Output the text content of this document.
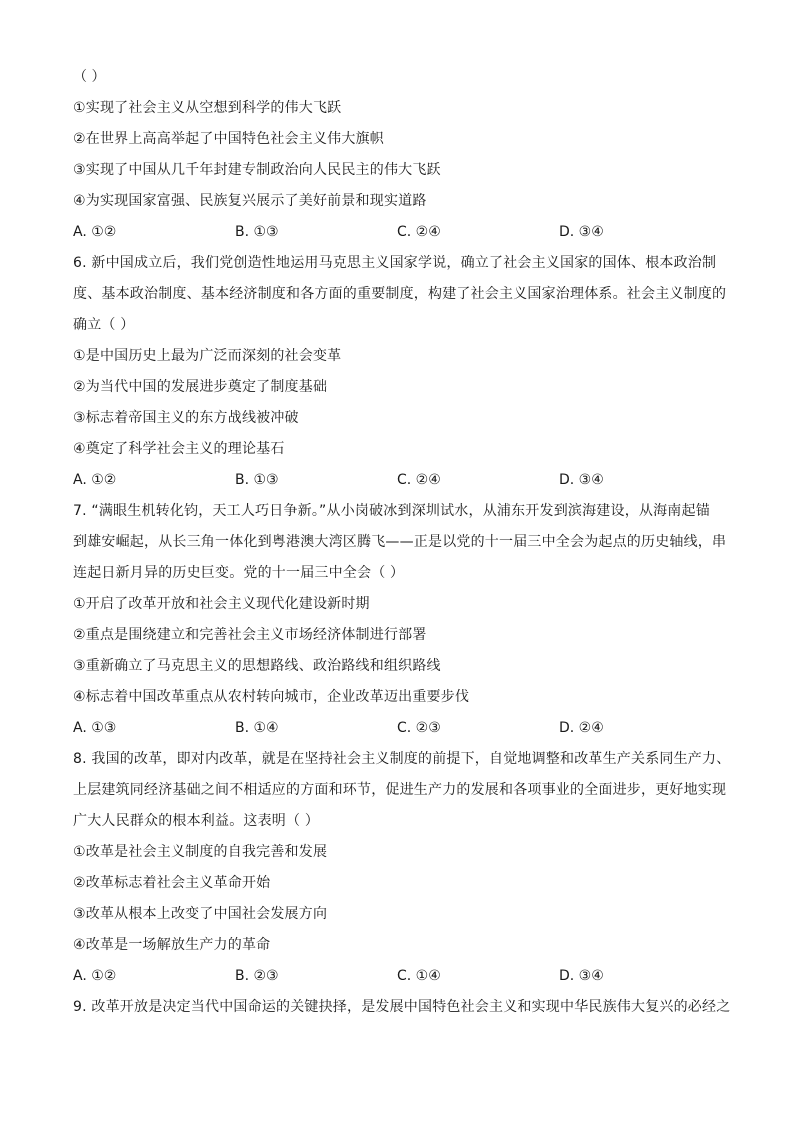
（ ）
①实现了社会主义从空想到科学的伟大飞跃
②在世界上高高举起了中国特色社会主义伟大旗帜
③实现了中国从几千年封建专制政治向人民民主的伟大飞跃
④为实现国家富强、民族复兴展示了美好前景和现实道路
A. ①②	B. ①③	C. ②④	D. ③④
6. 新中国成立后，我们党创造性地运用马克思主义国家学说，确立了社会主义国家的国体、根本政治制
度、基本政治制度、基本经济制度和各方面的重要制度，构建了社会主义国家治理体系。社会主义制度的
确立（ ）
①是中国历史上最为广泛而深刻的社会变革
②为当代中国的发展进步奠定了制度基础
③标志着帝国主义的东方战线被冲破
④奠定了科学社会主义的理论基石
A. ①②	B. ①③	C. ②④	D. ③④
7. “满眼生机转化钧，天工人巧日争新。”从小岗破冰到深圳试水，从浦东开发到滨海建设，从海南起锚
到雄安崛起，从长三角一体化到粤港澳大湾区腾飞——正是以党的十一届三中全会为起点的历史轴线，串
连起日新月异的历史巨变。党的十一届三中全会（ ）
①开启了改革开放和社会主义现代化建设新时期
②重点是围绕建立和完善社会主义市场经济体制进行部署
③重新确立了马克思主义的思想路线、政治路线和组织路线
④标志着中国改革重点从农村转向城市，企业改革迈出重要步伐
A. ①③	B. ①④	C. ②③	D. ②④
8. 我国的改革，即对内改革，就是在坚持社会主义制度的前提下，自觉地调整和改革生产关系同生产力、
上层建筑同经济基础之间不相适应的方面和环节，促进生产力的发展和各项事业的全面进步，更好地实现
广大人民群众的根本利益。这表明（ ）
①改革是社会主义制度的自我完善和发展
②改革标志着社会主义革命开始
③改革从根本上改变了中国社会发展方向
④改革是一场解放生产力的革命
A. ①②	B. ②③	C. ①④	D. ③④
9. 改革开放是决定当代中国命运的关键抉择，是发展中国特色社会主义和实现中华民族伟大复兴的必经之
